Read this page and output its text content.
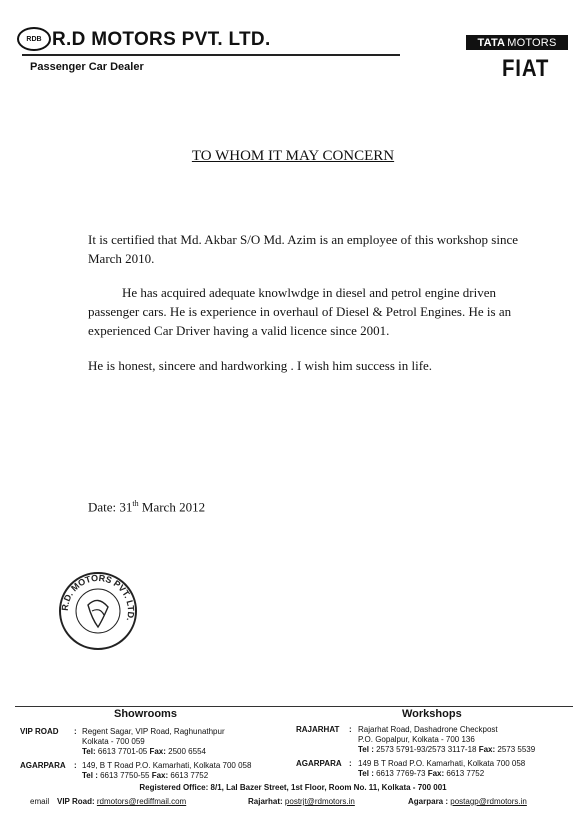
RDB R.D MOTORS PVT. LTD.
Passenger Car Dealer
TATA MOTORS
FIAT
TO WHOM IT MAY CONCERN

It is certified that Md. Akbar S/O Md. Azim is an employee of this workshop since March 2010.

He has acquired adequate knowlwdge in diesel and petrol engine driven passenger cars. He is experience in overhaul of Diesel & Petrol Engines. He is an experienced Car Driver having a valid licence since 2001.

He is honest, sincere and hardworking . I wish him success in life.

Date: 31th March 2012
R.D. MOTORS PVT. LTD.
Showrooms	Workshops
VIP ROAD : Regent Sagar, VIP Road, Raghunathpur
Kolkata - 700 059
Tel: 6613 7701-05 Fax: 2500 6554
AGARPARA : 149, B T Road P.O. Kamarhati, Kolkata 700 058
Tel : 6613 7750-55 Fax: 6613 7752
RAJARHAT : Rajarhat Road, Dashadrone Checkpost
P.O. Gopalpur, Kolkata - 700 136
Tel : 2573 5791-93/2573 3117-18 Fax: 2573 5539
AGARPARA : 149 B T Road P.O. Kamarhati, Kolkata 700 058
Tel : 6613 7769-73 Fax: 6613 7752
Registered Office: 8/1, Lal Bazer Street, 1st Floor, Room No. 11, Kolkata - 700 001
email VIP Road: rdmotors@rediffmail.com	Rajarhat: postrjt@rdmotors.in	Agarpara : postagp@rdmotors.in
